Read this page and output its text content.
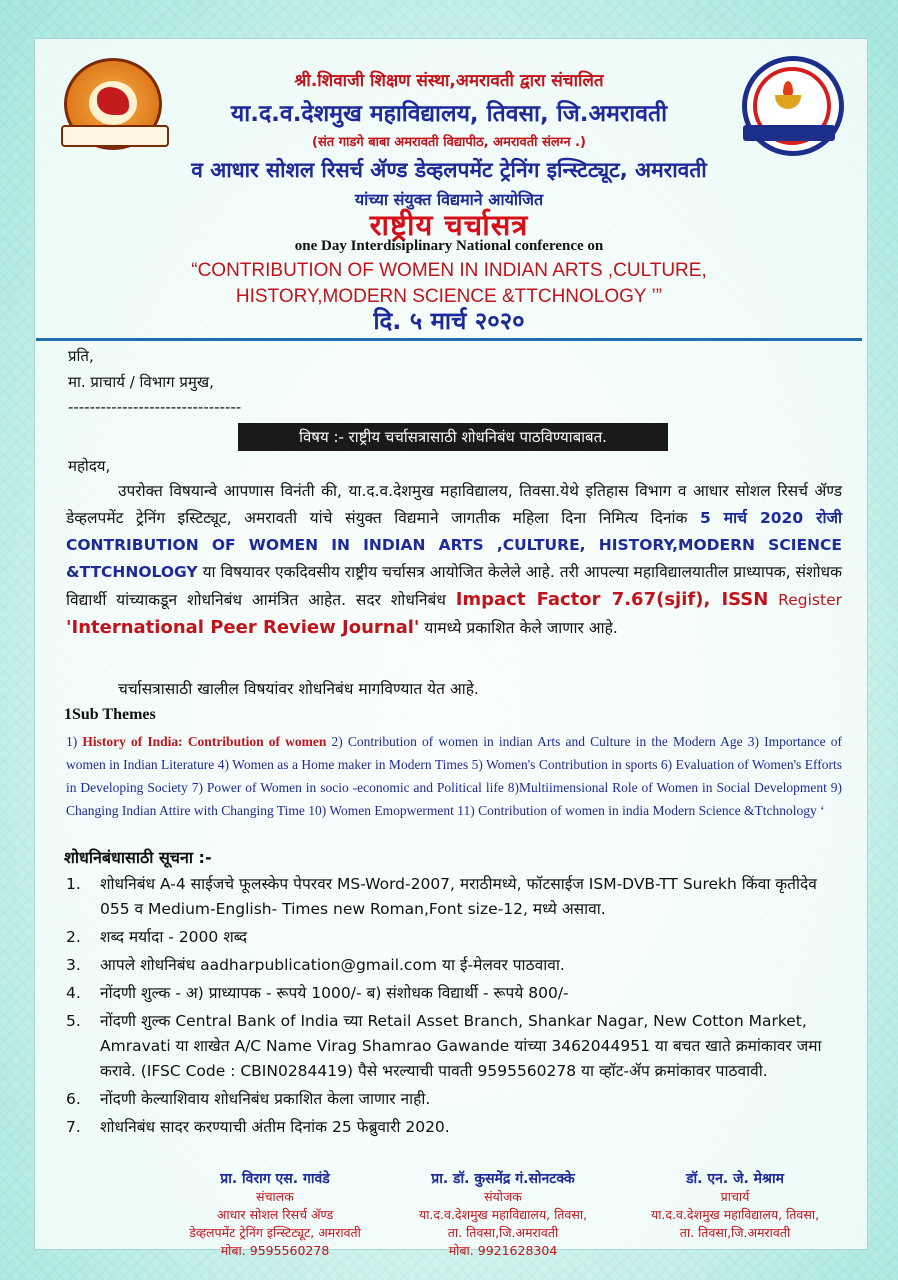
श्री.शिवाजी शिक्षण संस्था,अमरावती द्वारा संचालित
या.द.व.देशमुख महाविद्यालय, तिवसा, जि.अमरावती
(संत गाडगे बाबा अमरावती विद्यापीठ, अमरावती संलग्न .)
व आधार सोशल रिसर्च ॲण्ड डेव्हलपमेंट ट्रेनिंग इन्स्टिट्यूट, अमरावती
यांच्या संयुक्त विद्यमाने आयोजित
राष्ट्रीय चर्चासत्र
one Day Interdisiplinary National conference on
“CONTRIBUTION OF WOMEN IN INDIAN ARTS ,CULTURE,
HISTORY,MODERN SCIENCE &TTCHNOLOGY ’”
दि. ५ मार्च २०२०
प्रति,
मा. प्राचार्य / विभाग प्रमुख,
--------------------------------
विषय :- राष्ट्रीय चर्चासत्रासाठी शोधनिबंध पाठविण्याबाबत.
महोदय,
उपरोक्त विषयान्वे आपणास विनंती की, या.द.व.देशमुख महाविद्यालय, तिवसा.येथे इतिहास विभाग व आधार सोशल रिसर्च ॲण्ड डेव्हलपमेंट ट्रेनिंग इस्टिट्यूट, अमरावती यांचे संयुक्त विद्यमाने जागतीक महिला दिना निमित्य दिनांक 5 मार्च 2020 रोजी CONTRIBUTION OF WOMEN IN INDIAN ARTS ,CULTURE, HISTORY,MODERN SCIENCE &TTCHNOLOGY या विषयावर एकदिवसीय राष्ट्रीय चर्चासत्र आयोजित केलेले आहे. तरी आपल्या महाविद्यालयातील प्राध्यापक, संशोधक विद्यार्थी यांच्याकडून शोधनिबंध आमंत्रित आहेत. सदर शोधनिबंध Impact Factor 7.67(sjif), ISSN Register 'International Peer Review Journal' यामध्ये प्रकाशित केले जाणार आहे.
चर्चासत्रासाठी खालील विषयांवर शोधनिबंध मागविण्यात येत आहे.
1Sub Themes
1) History of India: Contribution of women 2) Contribution of women in indian Arts and Culture in the Modern Age 3) Importance of women in Indian Literature 4) Women as a Home maker in Modern Times 5) Women's Contribution in sports 6) Evaluation of Women's Efforts in Developing Society 7) Power of Women in socio -economic and Political life 8)Multiimensional Role of Women in Social Development 9) Changing Indian Attire with Changing Time 10) Women Emopwerment 11) Contribution of women in india Modern Science &Ttchnology ‘
शोधनिबंधासाठी सूचना :-
1. शोधनिबंध A-4 साईजचे फूलस्केप पेपरवर MS-Word-2007, मराठीमध्ये, फॉटसाईज ISM-DVB-TT Surekh किंवा कृतीदेव 055 व Medium-English- Times new Roman,Font size-12, मध्ये असावा.
2. शब्द मर्यादा - 2000 शब्द
3. आपले शोधनिबंध aadharpublication@gmail.com या ई-मेलवर पाठवावा.
4. नोंदणी शुल्क - अ) प्राध्यापक - रूपये 1000/- ब) संशोधक विद्यार्थी - रूपये 800/-
5. नोंदणी शुल्क Central Bank of India च्या Retail Asset Branch, Shankar Nagar, New Cotton Market, Amravati या शाखेत A/C Name Virag Shamrao Gawande यांच्या 3462044951 या बचत खाते क्रमांकावर जमा करावे. (IFSC Code : CBIN0284419) पैसे भरल्याची पावती 9595560278 या व्हॉट-ॲप क्रमांकावर पाठवावी.
6. नोंदणी केल्याशिवाय शोधनिबंध प्रकाशित केला जाणार नाही.
7. शोधनिबंध सादर करण्याची अंतीम दिनांक 25 फेब्रुवारी 2020.
प्रा. विराग एस. गावंडे
संचालक
आधार सोशल रिसर्च ॲण्ड
डेव्हलपमेंट ट्रेनिंग इन्स्टिट्यूट, अमरावती
मोबा. 9595560278
प्रा. डॉ. कुसमेंद्र गं.सोनटक्के
संयोजक
या.द.व.देशमुख महाविद्यालय, तिवसा,
ता. तिवसा,जि.अमरावती
मोबा. 9921628304
डॉ. एन. जे. मेश्राम
प्राचार्य
या.द.व.देशमुख महाविद्यालय, तिवसा,
ता. तिवसा,जि.अमरावती
